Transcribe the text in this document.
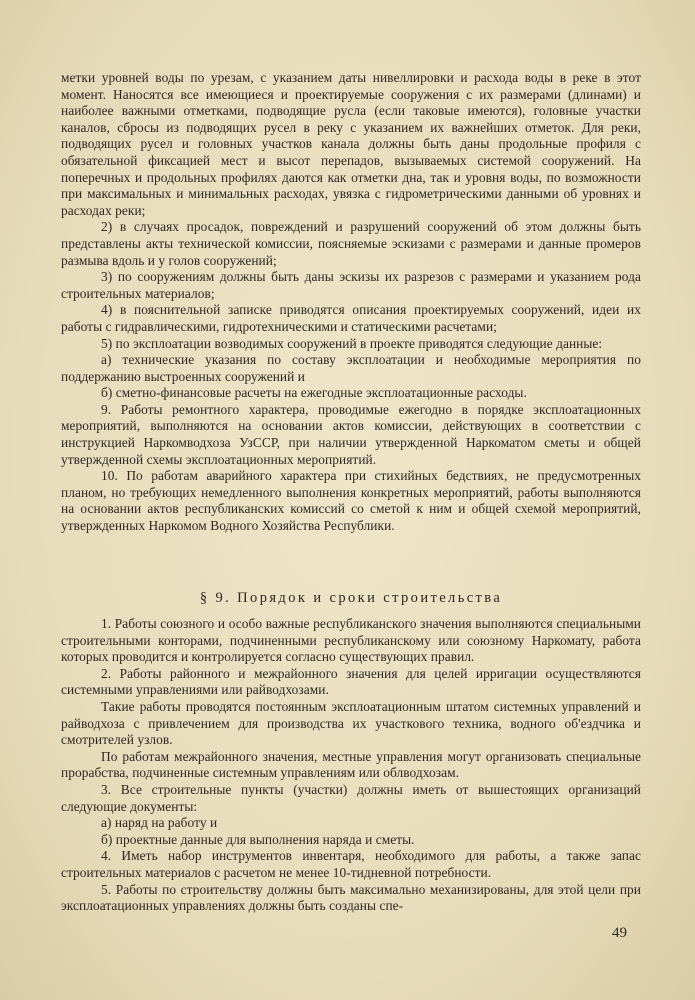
метки уровней воды по урезам, с указанием даты нивеллировки и расхода воды в реке в этот момент. Наносятся все имеющиеся и проектируемые сооружения с их размерами (длинами) и наиболее важными отметками, подводящие русла (если таковые имеются), головные участки каналов, сбросы из подводящих русел в реку с указанием их важнейших отметок. Для реки, подводящих русел и головных участков канала должны быть даны продольные профиля с обязательной фиксацией мест и высот перепадов, вызываемых системой сооружений. На поперечных и продольных профилях даются как отметки дна, так и уровня воды, по возможности при максимальных и минимальных расходах, увязка с гидрометрическими данными об уровнях и расходах реки;

2) в случаях просадок, повреждений и разрушений сооружений об этом должны быть представлены акты технической комиссии, поясняемые эскизами с размерами и данные промеров размыва вдоль и у голов сооружений;

3) по сооружениям должны быть даны эскизы их разрезов с размерами и указанием рода строительных материалов;

4) в пояснительной записке приводятся описания проектируемых сооружений, идеи их работы с гидравлическими, гидротехническими и статическими расчетами;

5) по эксплоатации возводимых сооружений в проекте приводятся следующие данные:

а) технические указания по составу эксплоатации и необходимые мероприятия по поддержанию выстроенных сооружений и

б) сметно-финансовые расчеты на ежегодные эксплоатационные расходы.

9. Работы ремонтного характера, проводимые ежегодно в порядке эксплоатационных мероприятий, выполняются на основании актов комиссии, действующих в соответствии с инструкцией Наркомводхоза УзССР, при наличии утвержденной Наркоматом сметы и общей утвержденной схемы эксплоатационных мероприятий.

10. По работам аварийного характера при стихийных бедствиях, не предусмотренных планом, но требующих немедленного выполнения конкретных мероприятий, работы выполняются на основании актов республиканских комиссий со сметой к ним и общей схемой мероприятий, утвержденных Наркомом Водного Хозяйства Республики.

§ 9. Порядок и сроки строительства

1. Работы союзного и особо важные республиканского значения выполняются специальными строительными конторами, подчиненными республиканскому или союзному Наркомату, работа которых проводится и контролируется согласно существующих правил.

2. Работы районного и межрайонного значения для целей ирригации осуществляются системными управлениями или райводхозами.

Такие работы проводятся постоянным эксплоатационным штатом системных управлений и райводхоза с привлечением для производства их участкового техника, водного об'ездчика и смотрителей узлов.

По работам межрайонного значения, местные управления могут организовать специальные прорабства, подчиненные системным управлениям или облводхозам.

3. Все строительные пункты (участки) должны иметь от вышестоящих организаций следующие документы:

а) наряд на работу и

б) проектные данные для выполнения наряда и сметы.

4. Иметь набор инструментов инвентаря, необходимого для работы, а также запас строительных материалов с расчетом не менее 10-тидневной потребности.

5. Работы по строительству должны быть максимально механизированы, для этой цели при эксплоатационных управлениях должны быть созданы спе-

49
